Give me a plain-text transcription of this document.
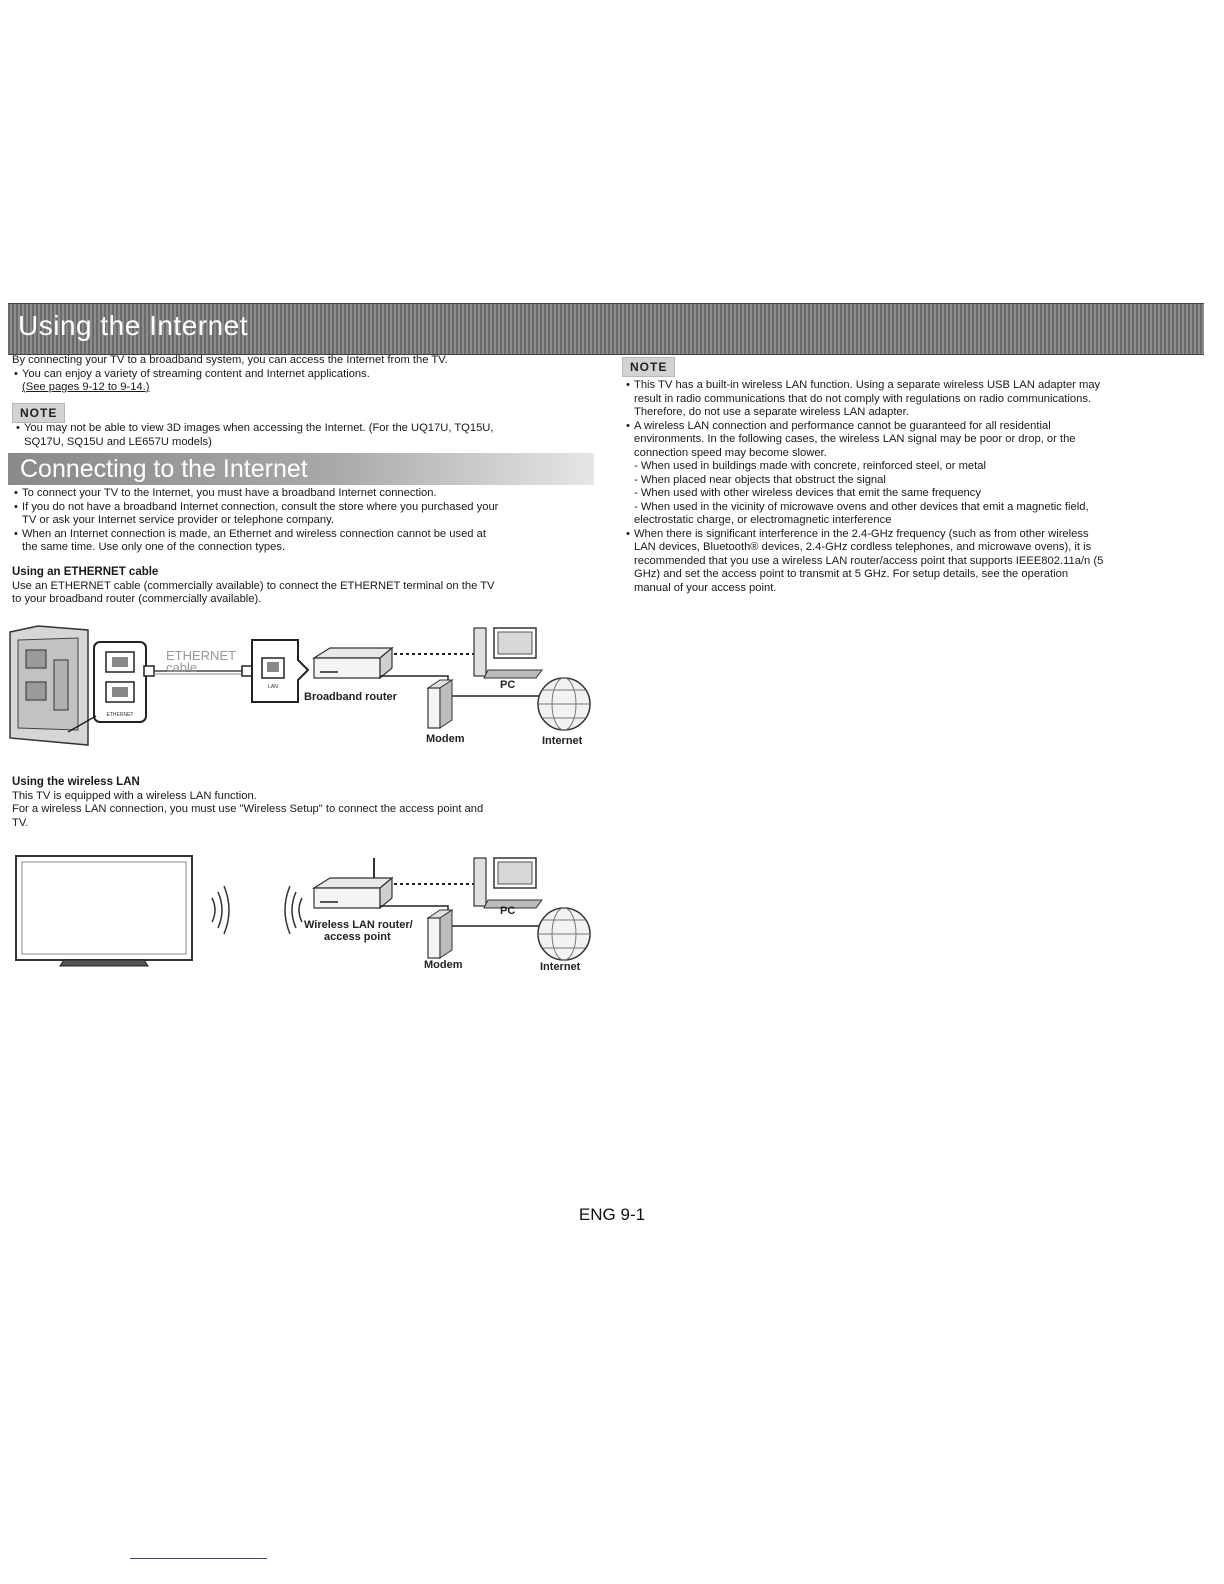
Using the Internet

By connecting your TV to a broadband system, you can access the Internet from the TV.

• You can enjoy a variety of streaming content and Internet applications.

(See pages 9-12 to 9-14.)

NOTE

• You may not be able to view 3D images when accessing the Internet. (For the UQ17U, TQ15U,

SQ17U, SQ15U and LE657U models)

Connecting to the Internet

• To connect your TV to the Internet, you must have a broadband Internet connection.

• If you do not have a broadband Internet connection, consult the store where you purchased your

TV or ask your Internet service provider or telephone company.

• When an Internet connection is made, an Ethernet and wireless connection cannot be used at

the same time. Use only one of the connection types.

Using an ETHERNET cable

Use an ETHERNET cable (commercially available) to connect the ETHERNET terminal on the TV

to your broadband router (commercially available).

ETHERNET
ETHERNET
cable
LAN
Broadband router
PC
Modem	Internet

Using the wireless LAN

This TV is equipped with a wireless LAN function.

For a wireless LAN connection, you must use "Wireless Setup" to connect the access point and

TV.

Wireless LAN router/
access point
PC
Modem	Internet
NOTE

• This TV has a built-in wireless LAN function. Using a separate wireless USB LAN adapter may

result in radio communications that do not comply with regulations on radio communications.

Therefore, do not use a separate wireless LAN adapter.

• A wireless LAN connection and performance cannot be guaranteed for all residential

environments. In the following cases, the wireless LAN signal may be poor or drop, or the

connection speed may become slower.

- When used in buildings made with concrete, reinforced steel, or metal

- When placed near objects that obstruct the signal

- When used with other wireless devices that emit the same frequency

- When used in the vicinity of microwave ovens and other devices that emit a magnetic field,

electrostatic charge, or electromagnetic interference

• When there is significant interference in the 2.4-GHz frequency (such as from other wireless

LAN devices, Bluetooth® devices, 2.4-GHz cordless telephones, and microwave ovens), it is

recommended that you use a wireless LAN router/access point that supports IEEE802.11a/n (5

GHz) and set the access point to transmit at 5 GHz. For setup details, see the operation

manual of your access point.

ENG 9-1
